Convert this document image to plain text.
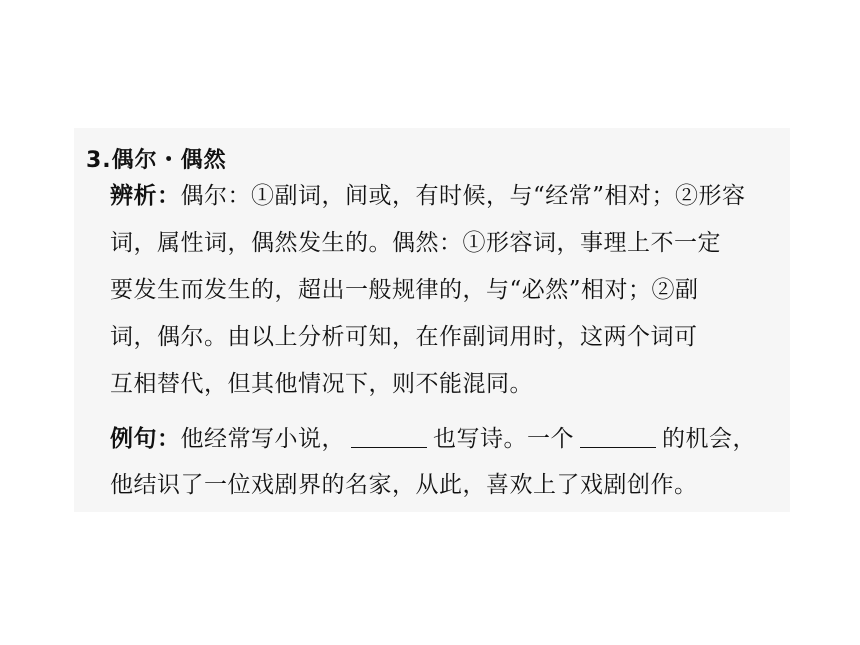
3.偶尔・偶然
辨析：偶尔：①副词，间或，有时候，与“经常”相对；②形容
词，属性词，偶然发生的。偶然：①形容词，事理上不一定
要发生而发生的，超出一般规律的，与“必然”相对；②副
词，偶尔。由以上分析可知，在作副词用时，这两个词可
互相替代，但其他情况下，则不能混同。
例句：他经常写小说，	也写诗。一个	的机会，
他结识了一位戏剧界的名家，从此，喜欢上了戏剧创作。
